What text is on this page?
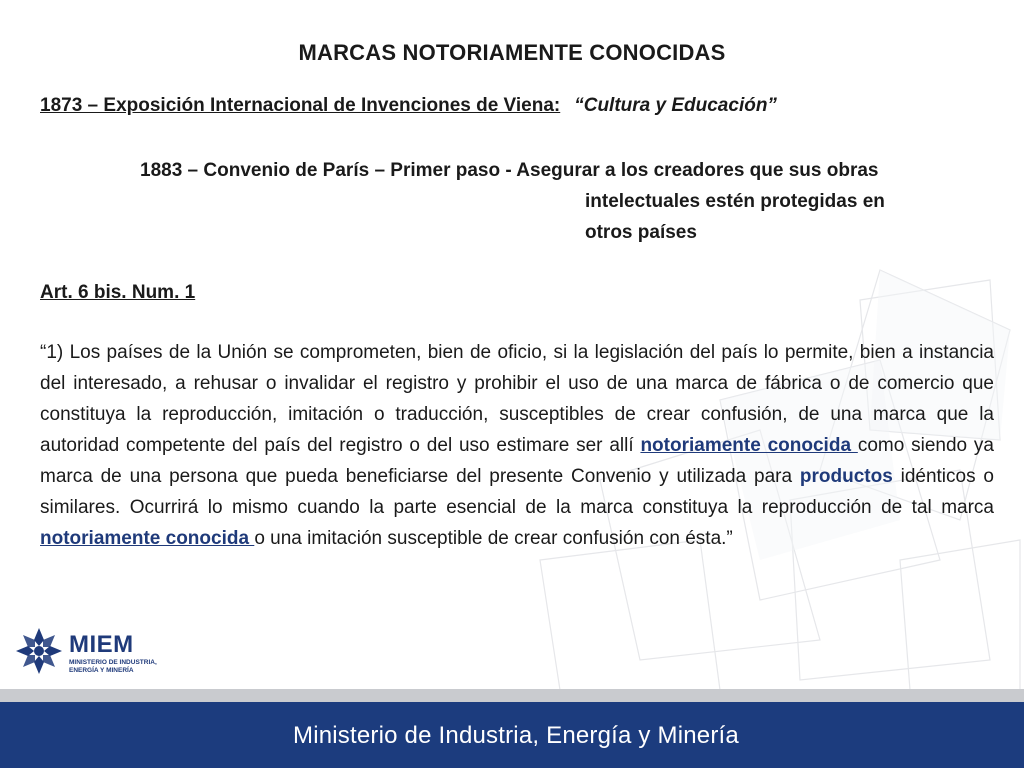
MARCAS NOTORIAMENTE CONOCIDAS
1873 – Exposición Internacional de Invenciones de Viena: “Cultura y Educación”
1883 – Convenio de París – Primer paso - Asegurar a los creadores que sus obras
intelectuales estén protegidas en
otros países
Art. 6 bis. Num. 1

“1) Los países de la Unión se comprometen, bien de oficio, si la legislación del país lo permite, bien a instancia del interesado, a rehusar o invalidar el registro y prohibir el uso de una marca de fábrica o de comercio que constituya la reproducción, imitación o traducción, susceptibles de crear confusión, de una marca que la autoridad competente del país del registro o del uso estimare ser allí notoriamente conocida como siendo ya marca de una persona que pueda beneficiarse del presente Convenio y utilizada para productos idénticos o similares. Ocurrirá lo mismo cuando la parte esencial de la marca constituya la reproducción de tal marca notoriamente conocida o una imitación susceptible de crear confusión con ésta.”

MIEM
MINISTERIO DE INDUSTRIA,
ENERGÍA Y MINERÍA
Ministerio de Industria, Energía y Minería
